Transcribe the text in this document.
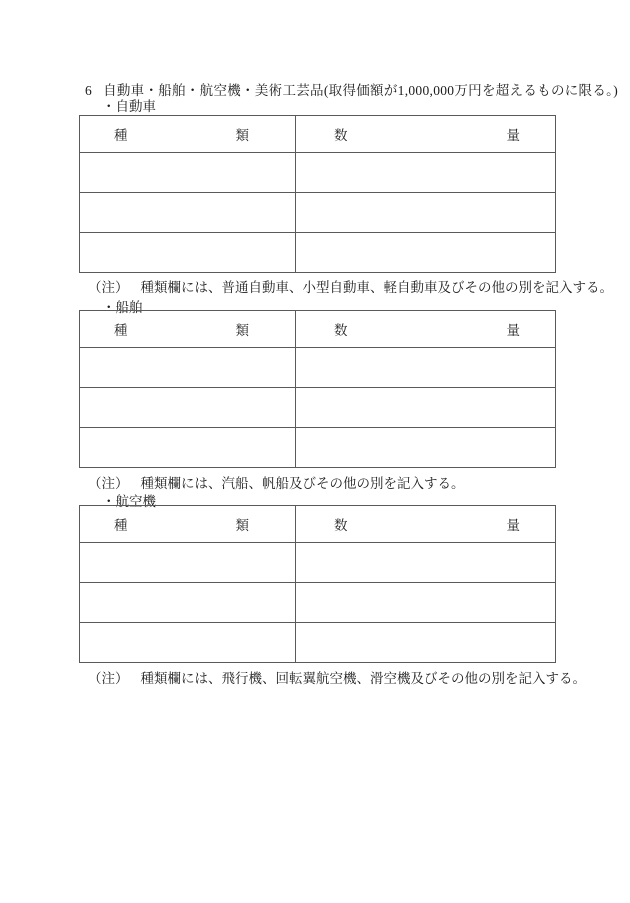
6 自動車・船舶・航空機・美術工芸品(取得価額が1,000,000万円を超えるものに限る。)
・自動車
種 類	数 量

（注） 種類欄には、普通自動車、小型自動車、軽自動車及びその他の別を記入する。
・船舶
種 類	数 量

（注） 種類欄には、汽船、帆船及びその他の別を記入する。
・航空機
種 類	数 量

（注） 種類欄には、飛行機、回転翼航空機、滑空機及びその他の別を記入する。
